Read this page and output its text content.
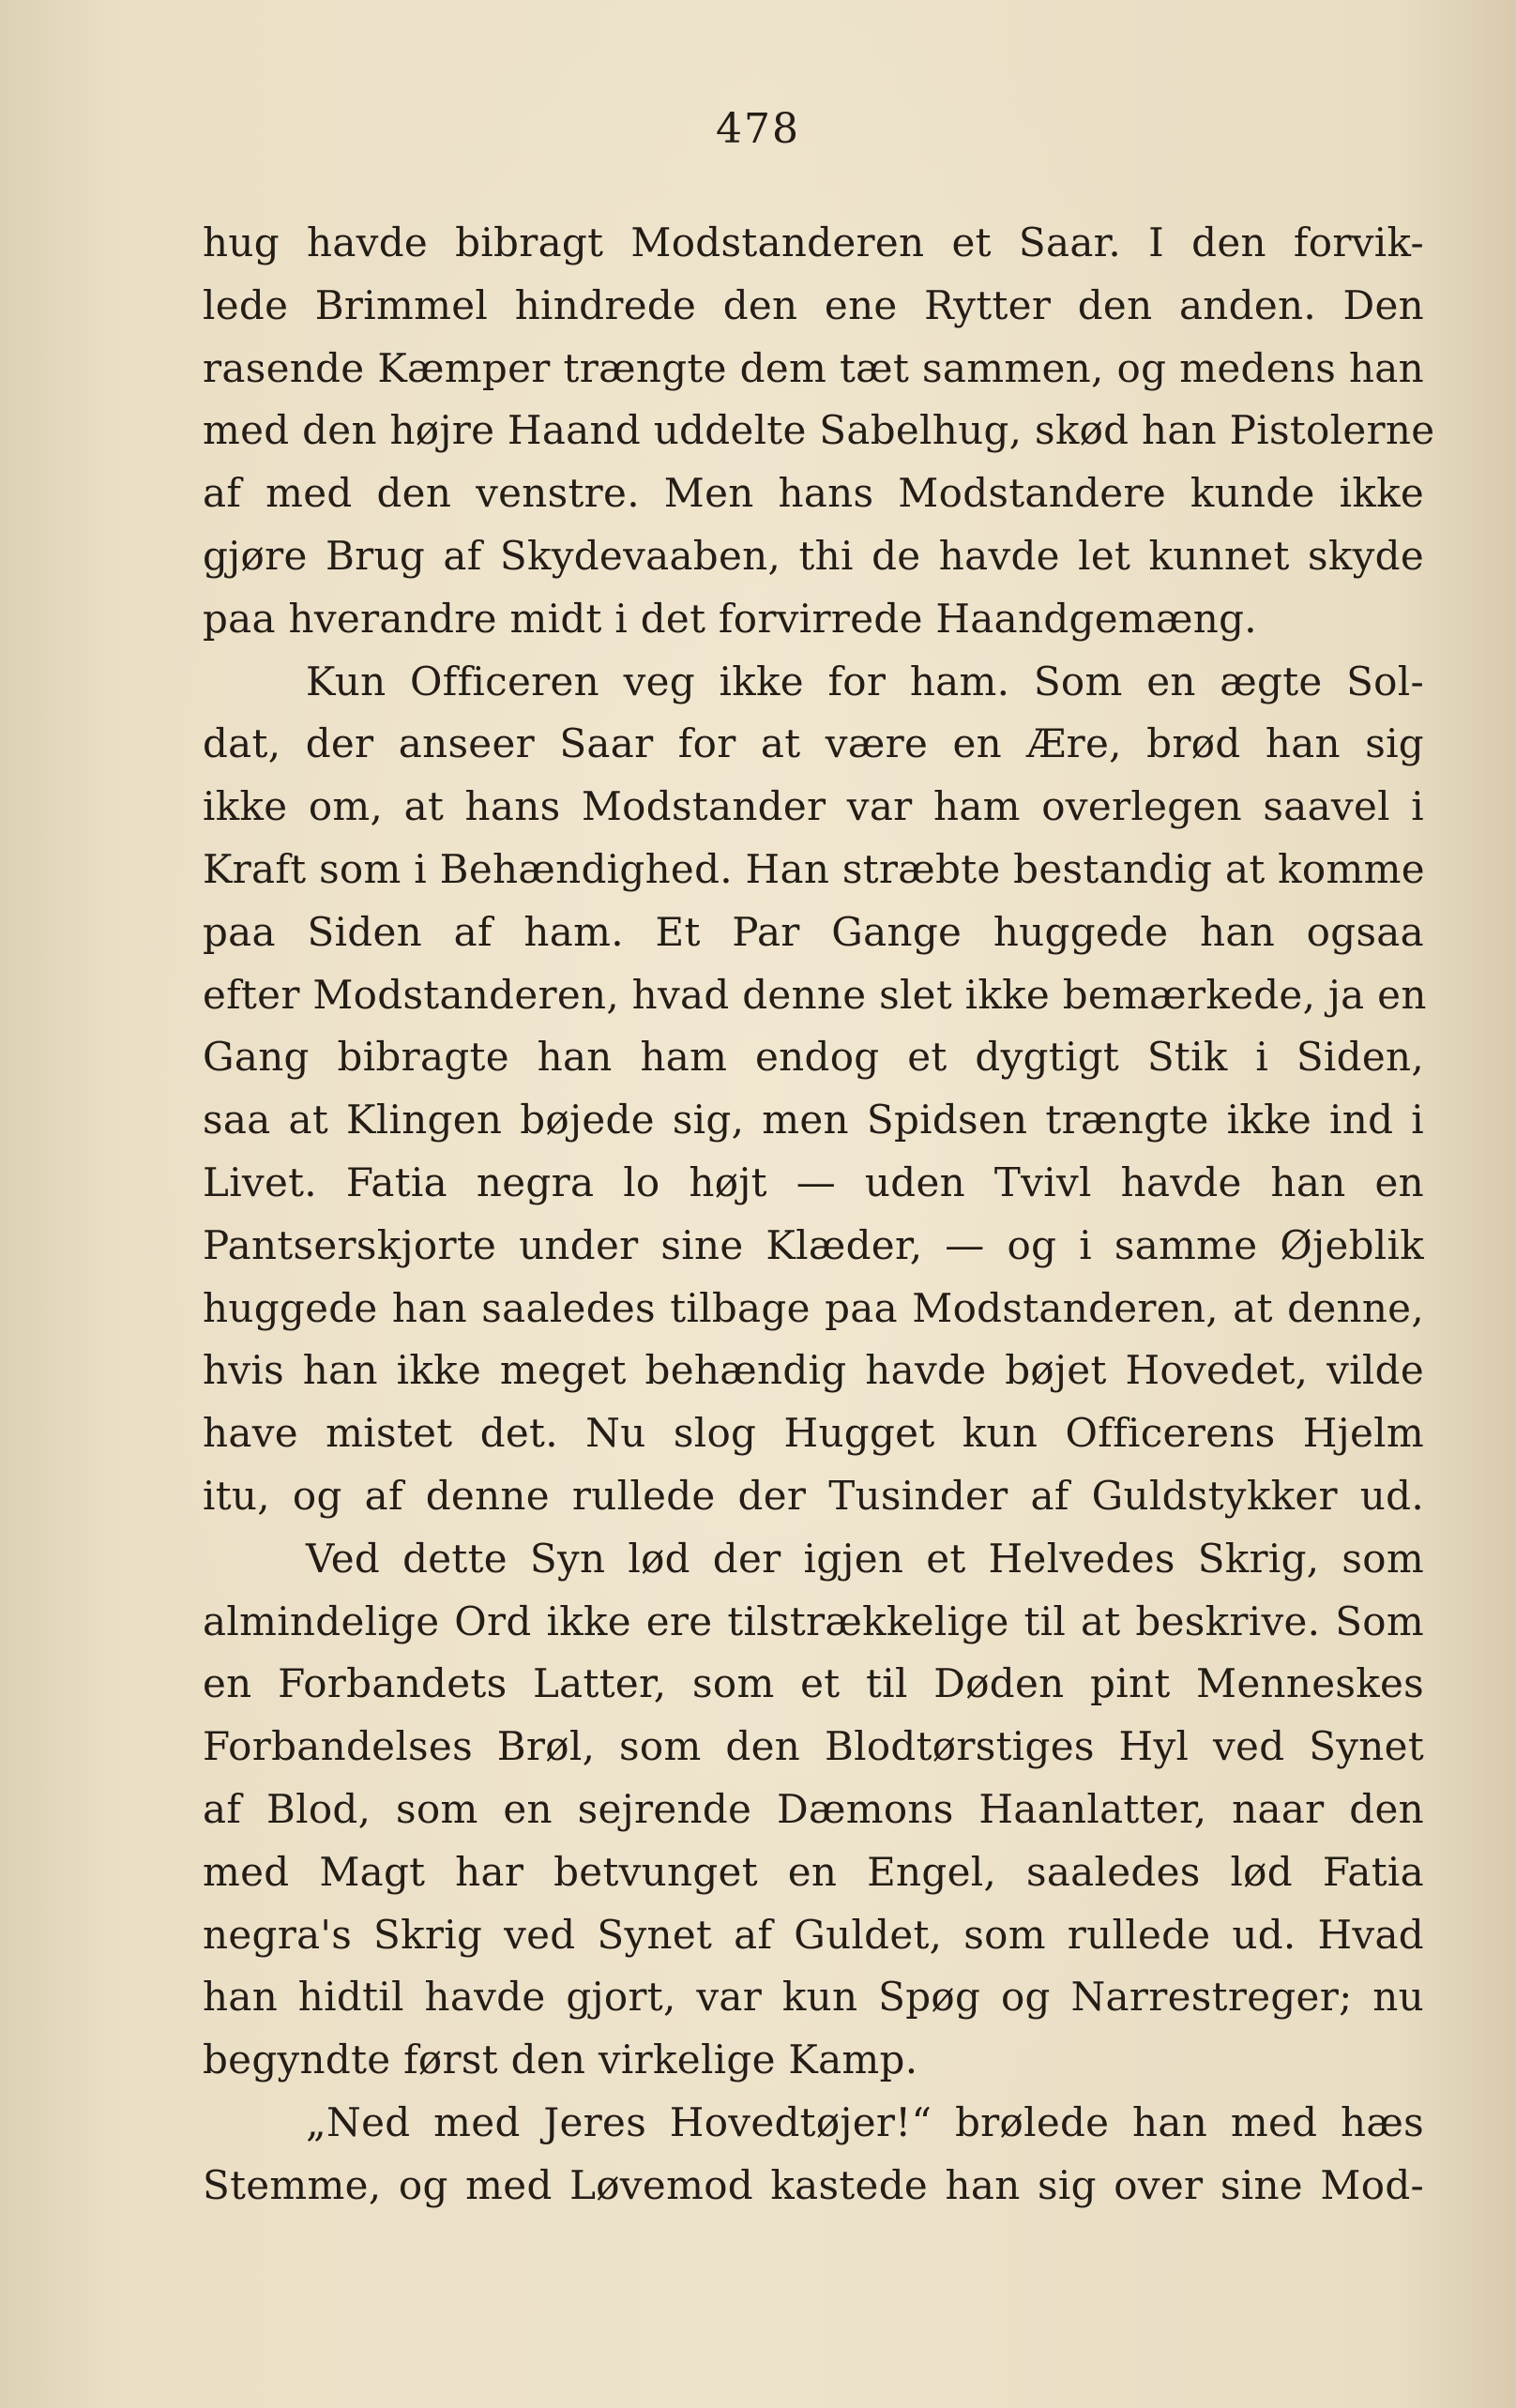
478
hug havde bibragt Modstanderen et Saar. I den forvik-
lede Brimmel hindrede den ene Rytter den anden. Den
rasende Kæmper trængte dem tæt sammen, og medens han
med den højre Haand uddelte Sabelhug, skød han Pistolerne
af med den venstre. Men hans Modstandere kunde ikke
gjøre Brug af Skydevaaben, thi de havde let kunnet skyde
paa hverandre midt i det forvirrede Haandgemæng.
Kun Officeren veg ikke for ham. Som en ægte Sol-
dat, der anseer Saar for at være en Ære, brød han sig
ikke om, at hans Modstander var ham overlegen saavel i
Kraft som i Behændighed. Han stræbte bestandig at komme
paa Siden af ham. Et Par Gange huggede han ogsaa
efter Modstanderen, hvad denne slet ikke bemærkede, ja en
Gang bibragte han ham endog et dygtigt Stik i Siden,
saa at Klingen bøjede sig, men Spidsen trængte ikke ind i
Livet. Fatia negra lo højt — uden Tvivl havde han en
Pantserskjorte under sine Klæder, — og i samme Øjeblik
huggede han saaledes tilbage paa Modstanderen, at denne,
hvis han ikke meget behændig havde bøjet Hovedet, vilde
have mistet det. Nu slog Hugget kun Officerens Hjelm
itu, og af denne rullede der Tusinder af Guldstykker ud.
Ved dette Syn lød der igjen et Helvedes Skrig, som
almindelige Ord ikke ere tilstrækkelige til at beskrive. Som
en Forbandets Latter, som et til Døden pint Menneskes
Forbandelses Brøl, som den Blodtørstiges Hyl ved Synet
af Blod, som en sejrende Dæmons Haanlatter, naar den
med Magt har betvunget en Engel, saaledes lød Fatia
negra's Skrig ved Synet af Guldet, som rullede ud. Hvad
han hidtil havde gjort, var kun Spøg og Narrestreger; nu
begyndte først den virkelige Kamp.
„Ned med Jeres Hovedtøjer!“ brølede han med hæs
Stemme, og med Løvemod kastede han sig over sine Mod-
